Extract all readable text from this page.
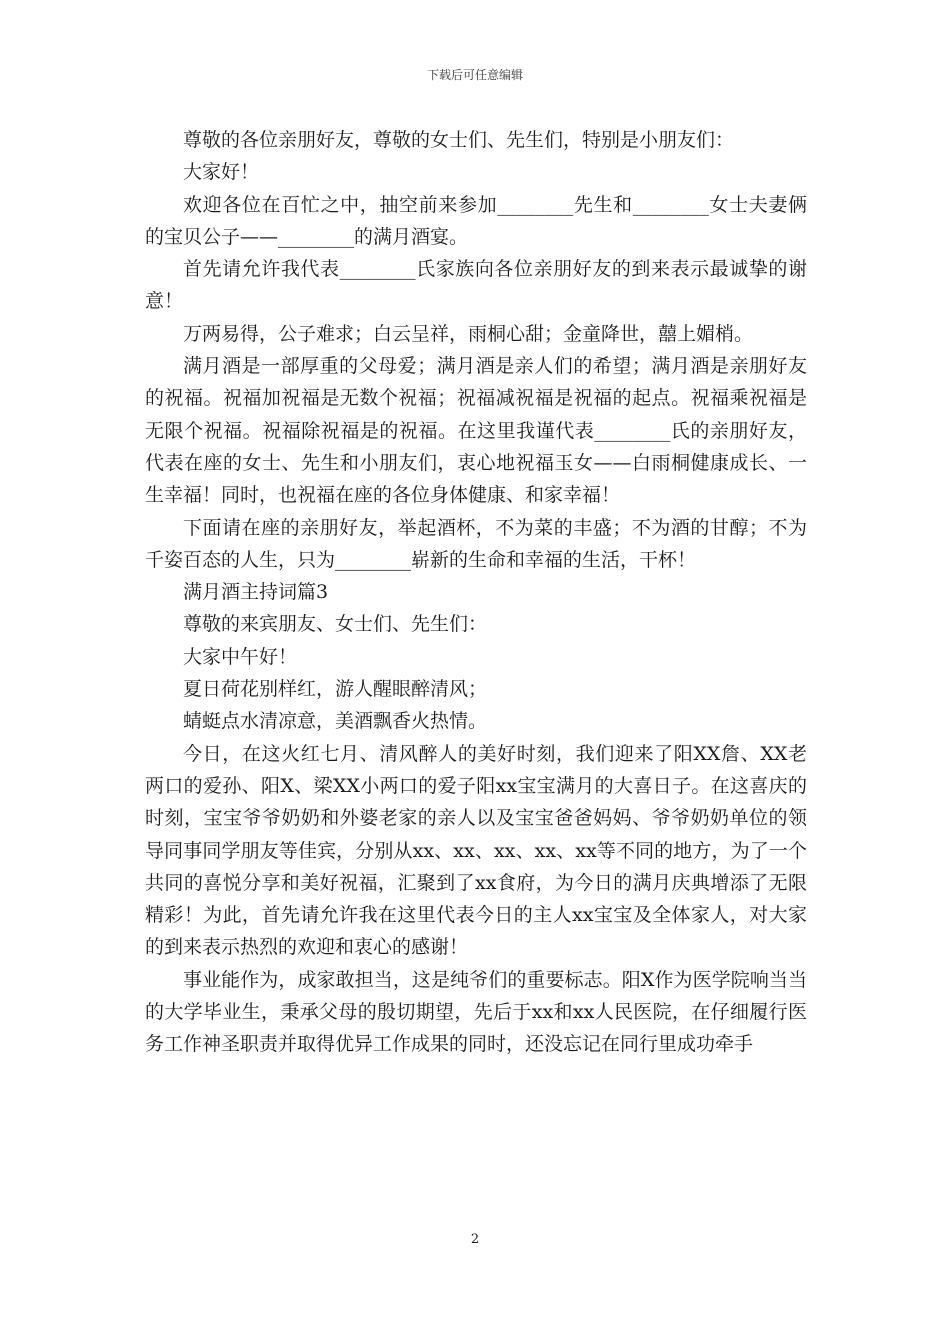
下载后可任意编辑

尊敬的各位亲朋好友，尊敬的女士们、先生们，特别是小朋友们：

大家好！

欢迎各位在百忙之中，抽空前来参加________先生和________女士夫妻俩的宝贝公子——________的满月酒宴。

首先请允许我代表________氏家族向各位亲朋好友的到来表示最诚挚的谢意！

万两易得，公子难求；白云呈祥，雨桐心甜；金童降世，囍上媚梢。

满月酒是一部厚重的父母爱；满月酒是亲人们的希望；满月酒是亲朋好友的祝福。祝福加祝福是无数个祝福；祝福减祝福是祝福的起点。祝福乘祝福是无限个祝福。祝福除祝福是的祝福。在这里我谨代表________氏的亲朋好友，代表在座的女士、先生和小朋友们，衷心地祝福玉女——白雨桐健康成长、一生幸福！同时，也祝福在座的各位身体健康、和家幸福！

下面请在座的亲朋好友，举起酒杯，不为菜的丰盛；不为酒的甘醇；不为千姿百态的人生，只为________崭新的生命和幸福的生活，干杯！

满月酒主持词篇3

尊敬的来宾朋友、女士们、先生们：

大家中午好！

夏日荷花别样红，游人醒眼醉清风；

蜻蜓点水清凉意，美酒飘香火热情。

今日，在这火红七月、清风醉人的美好时刻，我们迎来了阳XX詹、XX老两口的爱孙、阳X、梁XX小两口的爱子阳xx宝宝满月的大喜日子。在这喜庆的时刻，宝宝爷爷奶奶和外婆老家的亲人以及宝宝爸爸妈妈、爷爷奶奶单位的领导同事同学朋友等佳宾，分别从xx、xx、xx、xx、xx等不同的地方，为了一个共同的喜悦分享和美好祝福，汇聚到了xx食府，为今日的满月庆典增添了无限精彩！为此，首先请允许我在这里代表今日的主人xx宝宝及全体家人，对大家的到来表示热烈的欢迎和衷心的感谢！

事业能作为，成家敢担当，这是纯爷们的重要标志。阳X作为医学院响当当的大学毕业生，秉承父母的殷切期望，先后于xx和xx人民医院，在仔细履行医务工作神圣职责并取得优异工作成果的同时，还没忘记在同行里成功牵手

2
